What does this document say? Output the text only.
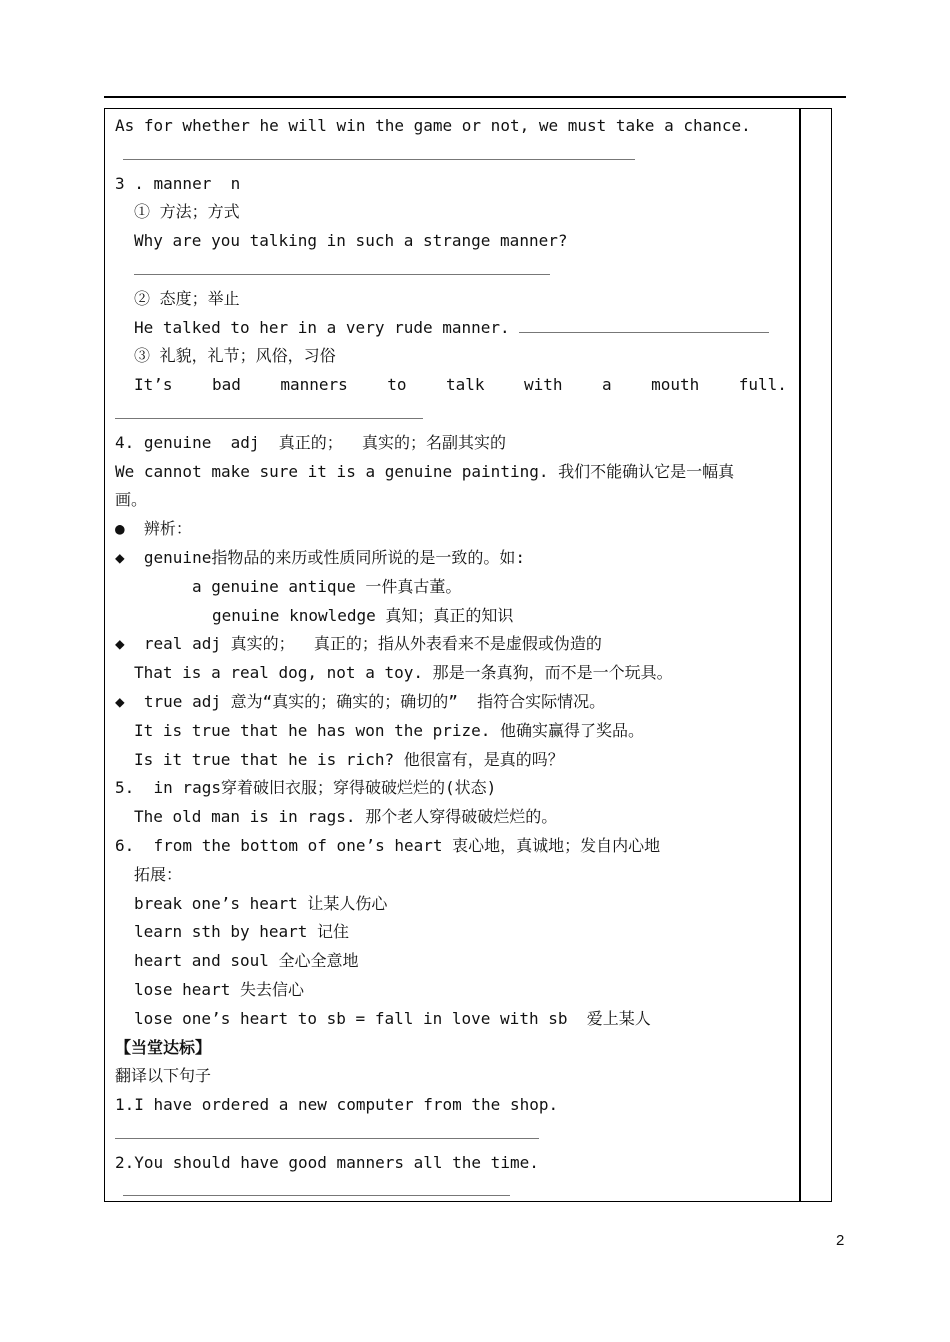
As for whether he will win the game or not, we must take a chance.
3 . manner  n
① 方法；方式
Why are you talking in such a strange manner?
② 态度；举止
He talked to her in a very rude manner.
③ 礼貌，礼节；风俗，习俗
It’s bad manners to talk with a mouth full.
4. genuine  adj  真正的；  真实的；名副其实的
We cannot make sure it is a genuine painting. 我们不能确认它是一幅真
画。
●  辨析：
◆  genuine指物品的来历或性质同所说的是一致的。如:
a genuine antique 一件真古董。
genuine knowledge 真知；真正的知识
◆  real adj 真实的；  真正的；指从外表看来不是虚假或伪造的
That is a real dog, not a toy. 那是一条真狗，而不是一个玩具。
◆  true adj 意为“真实的；确实的；确切的”  指符合实际情况。
It is true that he has won the prize. 他确实赢得了奖品。
Is it true that he is rich? 他很富有，是真的吗？
5.  in rags穿着破旧衣服；穿得破破烂烂的(状态)
The old man is in rags. 那个老人穿得破破烂烂的。
6.  from the bottom of one’s heart 衷心地，真诚地；发自内心地
拓展：
break one’s heart 让某人伤心
learn sth by heart 记住
heart and soul 全心全意地
lose heart 失去信心
lose one’s heart to sb = fall in love with sb  爱上某人
【当堂达标】
翻译以下句子
1.I have ordered a new computer from the shop.
2.You should have good manners all the time.
2
